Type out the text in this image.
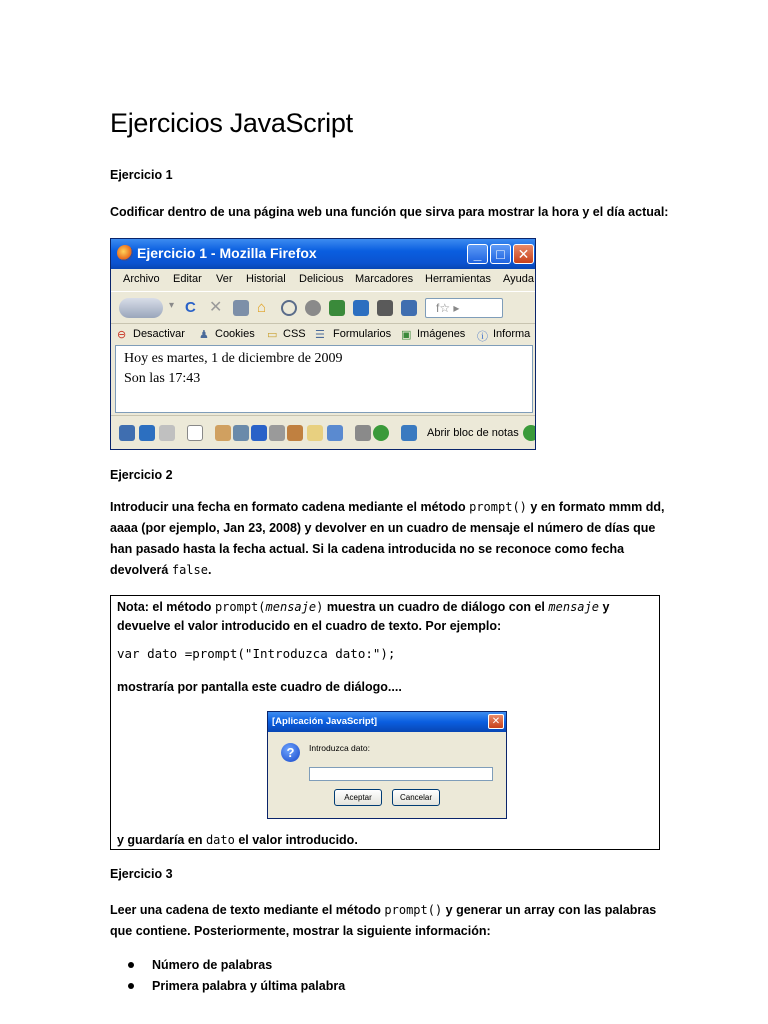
Ejercicios JavaScript
Ejercicio 1
Codificar dentro de una página web una función que sirva para mostrar la hora y el día actual:
Ejercicio 1 - Mozilla Firefox	_	□ ✕
Archivo Editar Ver Historial Delicious Marcadores Herramientas Ayuda
▾ C ✕ ⌂	f☆ ▸
⊖ Desactivar ♟ Cookies ▭ CSS ☰ Formularios ▣ Imágenes ⓘ Informa
Hoy es martes, 1 de diciembre de 2009
Son las 17:43
Abrir bloc de notas
Ejercicio 2
Introducir una fecha en formato cadena mediante el método prompt() y en formato mmm dd, aaaa (por ejemplo, Jan 23, 2008) y devolver en un cuadro de mensaje el número de días que han pasado hasta la fecha actual. Si la cadena introducida no se reconoce como fecha devolverá false.
Nota: el método prompt(mensaje) muestra un cuadro de diálogo con el mensaje y devuelve el valor introducido en el cuadro de texto. Por ejemplo:
var dato =prompt("Introduzca dato:");
mostraría por pantalla este cuadro de diálogo....
[Aplicación JavaScript]	✕
?	Introduzca dato:
Aceptar	Cancelar
y guardaría en dato el valor introducido.
Ejercicio 3
Leer una cadena de texto mediante el método prompt() y generar un array con las palabras que contiene. Posteriormente, mostrar la siguiente información:
Número de palabras
Primera palabra y última palabra
